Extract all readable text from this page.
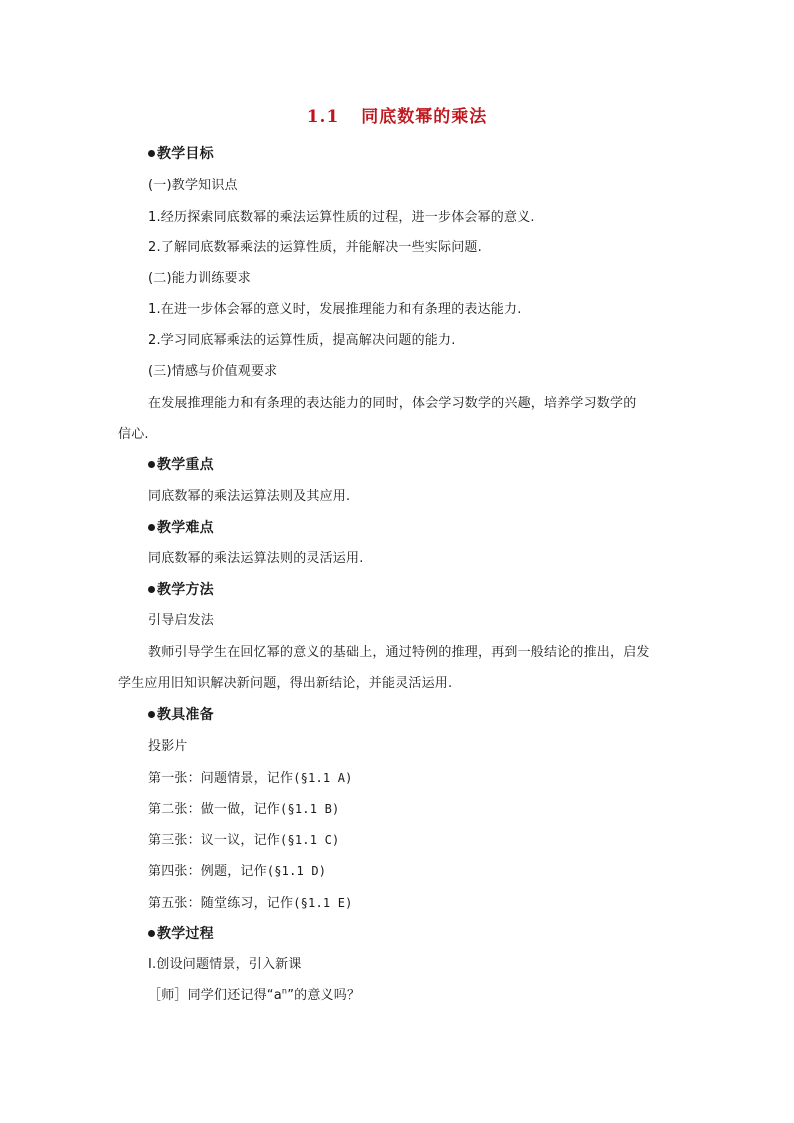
1.1 同底数幂的乘法
教学目标
(一)教学知识点
1.经历探索同底数幂的乘法运算性质的过程，进一步体会幂的意义.
2.了解同底数幂乘法的运算性质，并能解决一些实际问题.
(二)能力训练要求
1.在进一步体会幂的意义时，发展推理能力和有条理的表达能力.
2.学习同底幂乘法的运算性质，提高解决问题的能力.
(三)情感与价值观要求
在发展推理能力和有条理的表达能力的同时，体会学习数学的兴趣，培养学习数学的
信心.
教学重点
同底数幂的乘法运算法则及其应用.
教学难点
同底数幂的乘法运算法则的灵活运用.
教学方法
引导启发法
教师引导学生在回忆幂的意义的基础上，通过特例的推理，再到一般结论的推出，启发
学生应用旧知识解决新问题，得出新结论，并能灵活运用.
教具准备
投影片
第一张：问题情景，记作(§1.1 A)
第二张：做一做，记作(§1.1 B)
第三张：议一议，记作(§1.1 C)
第四张：例题，记作(§1.1 D)
第五张：随堂练习，记作(§1.1 E)
教学过程
Ⅰ.创设问题情景，引入新课
［师］同学们还记得“$a^n$”的意义吗？
